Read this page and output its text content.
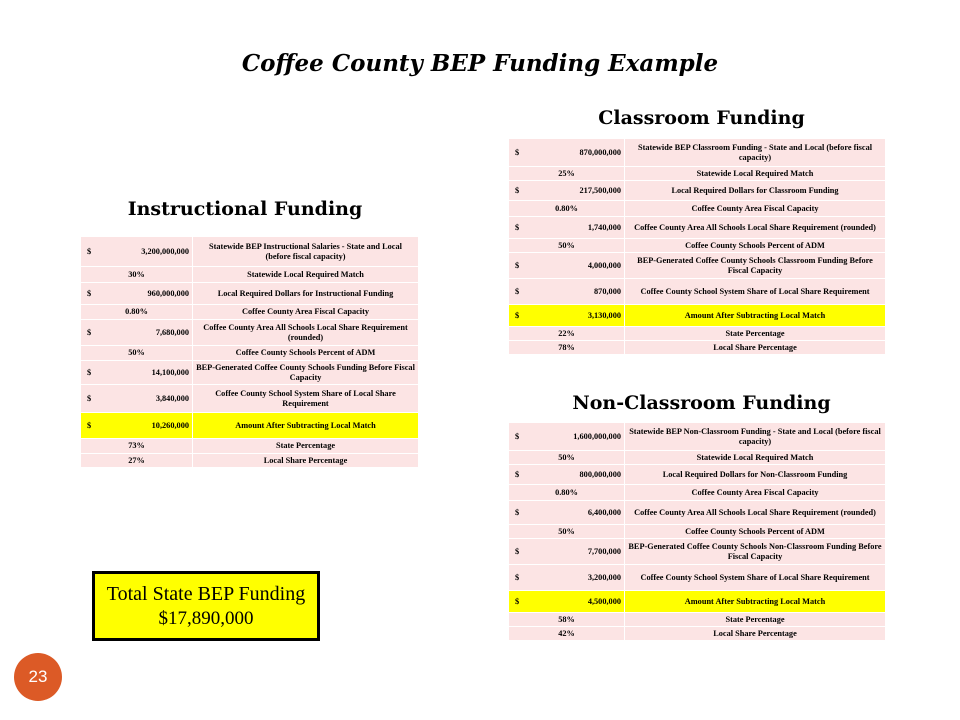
Coffee County BEP Funding Example
Instructional Funding
$ 3,200,000,000	Statewide BEP Instructional Salaries - State and Local (before fiscal capacity)
30%	Statewide Local Required Match

$ 960,000,000	Local Required Dollars for Instructional Funding
0.80%	Coffee County Area Fiscal Capacity

$ 7,680,000	Coffee County Area All Schools Local Share Requirement (rounded)
50%	Coffee County Schools Percent of ADM

$ 14,100,000	BEP-Generated Coffee County Schools Funding Before Fiscal Capacity

$ 3,840,000	Coffee County School System Share of Local Share Requirement

$ 10,260,000	Amount After Subtracting Local Match
73%	State Percentage
27%	Local Share Percentage
Classroom Funding
$ 870,000,000	Statewide BEP Classroom Funding - State and Local (before fiscal capacity)
25%	Statewide Local Required Match

$ 217,500,000	Local Required Dollars for Classroom Funding
0.80%	Coffee County Area Fiscal Capacity

$ 1,740,000	Coffee County Area All Schools Local Share Requirement (rounded)
50%	Coffee County Schools Percent of ADM

$ 4,000,000	BEP-Generated Coffee County Schools Classroom Funding Before Fiscal Capacity

$ 870,000	Coffee County School System Share of Local Share Requirement

$ 3,130,000	Amount After Subtracting Local Match
22%	State Percentage
78%	Local Share Percentage
Non-Classroom Funding
$ 1,600,000,000	Statewide BEP Non-Classroom Funding - State and Local (before fiscal capacity)
50%	Statewide Local Required Match

$ 800,000,000	Local Required Dollars for Non-Classroom Funding
0.80%	Coffee County Area Fiscal Capacity

$ 6,400,000	Coffee County Area All Schools Local Share Requirement (rounded)
50%	Coffee County Schools Percent of ADM

$ 7,700,000	BEP-Generated Coffee County Schools Non-Classroom Funding Before Fiscal Capacity

$ 3,200,000	Coffee County School System Share of Local Share Requirement

$ 4,500,000	Amount After Subtracting Local Match
58%	State Percentage
42%	Local Share Percentage
Total State BEP Funding
$17,890,000
23
